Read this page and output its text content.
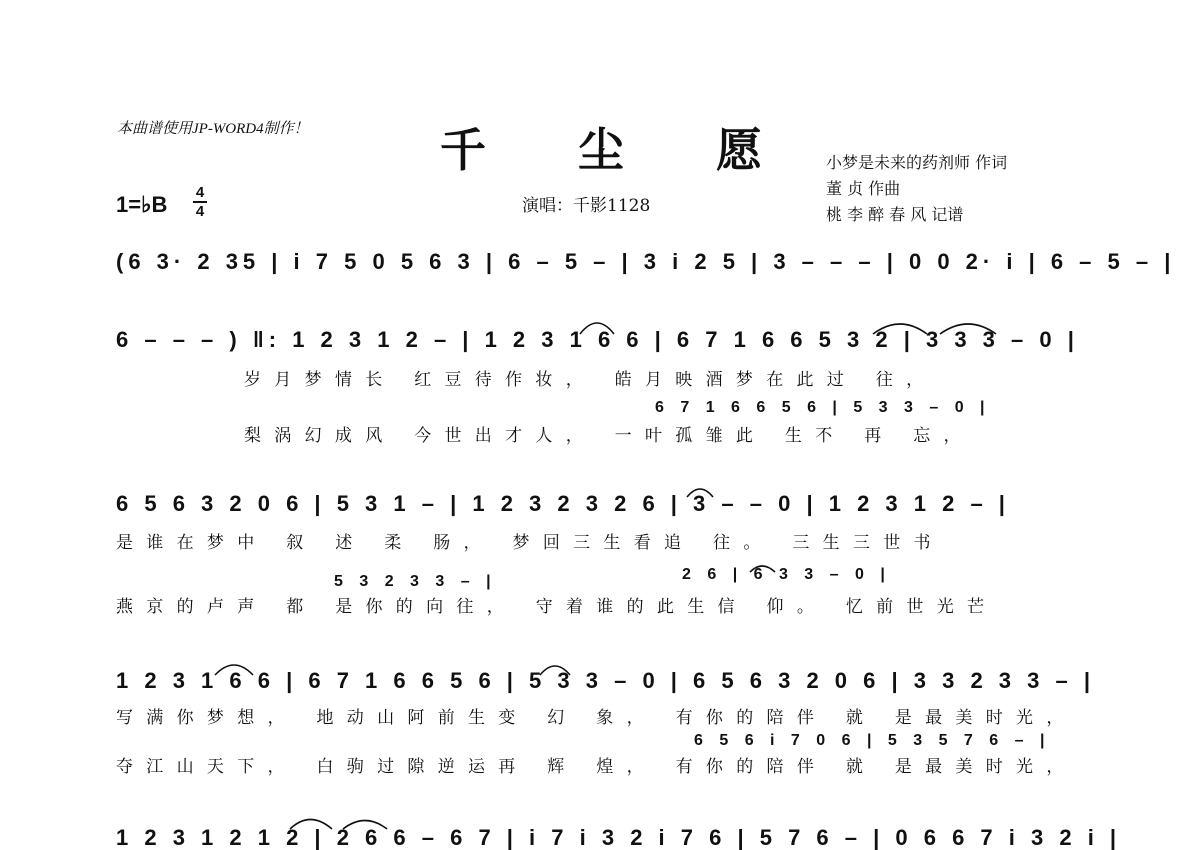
本曲谱使用JP-WORD4制作！	千尘愿
小梦是未来的药剂师 作词
董 贞 作曲
桃 李 醉 春 风 记谱
1=♭B 4
4	演唱：千影1128
(6 3· 2 35 | i 7 5 0 5 6 3 | 6 – 5 – | 3 i 2 5 | 3 – – – | 0 0 2· i | 6 – 5 – |
6 – – – ) ‖: 1 2 3 1 2 – | 1 2 3 1 6 6 | 6 7 1 6 6 5 3 2 | 3 3 3 – 0 |
岁月梦情长 红豆待作妆， 皓月映酒梦在此过 往，
6 7 1 6 6 5 6 | 5 3 3 – 0 |
梨涡幻成风 今世出才人， 一叶孤雏此 生不 再 忘，
6 5 6 3 2 0 6 | 5 3 1 – | 1 2 3 2 3 2 6 | 3 – – 0 | 1 2 3 1 2 – |
是谁在梦中 叙 述 柔 肠， 梦回三生看追 往。 三生三世书
5 3 2 3 3 – |	2 6 | 6 3 3 – 0 |
燕京的卢声 都 是你的向往， 守着谁的此生信 仰。 忆前世光芒
1 2 3 1 6 6 | 6 7 1 6 6 5 6 | 5 3 3 – 0 | 6 5 6 3 2 0 6 | 3 3 2 3 3 – |
写满你梦想， 地动山阿前生变 幻 象， 有你的陪伴 就 是最美时光，
6 5 6 i 7 0 6 | 5 3 5 7 6 – |
夺江山天下， 白驹过隙逆运再 辉 煌， 有你的陪伴 就 是最美时光，
1 2 3 1 2 1 2 | 2 6 6 – 6 7 | i 7 i 3 2 i 7 6 | 5 7 6 – | 0 6 6 7 i 3 2 i |
